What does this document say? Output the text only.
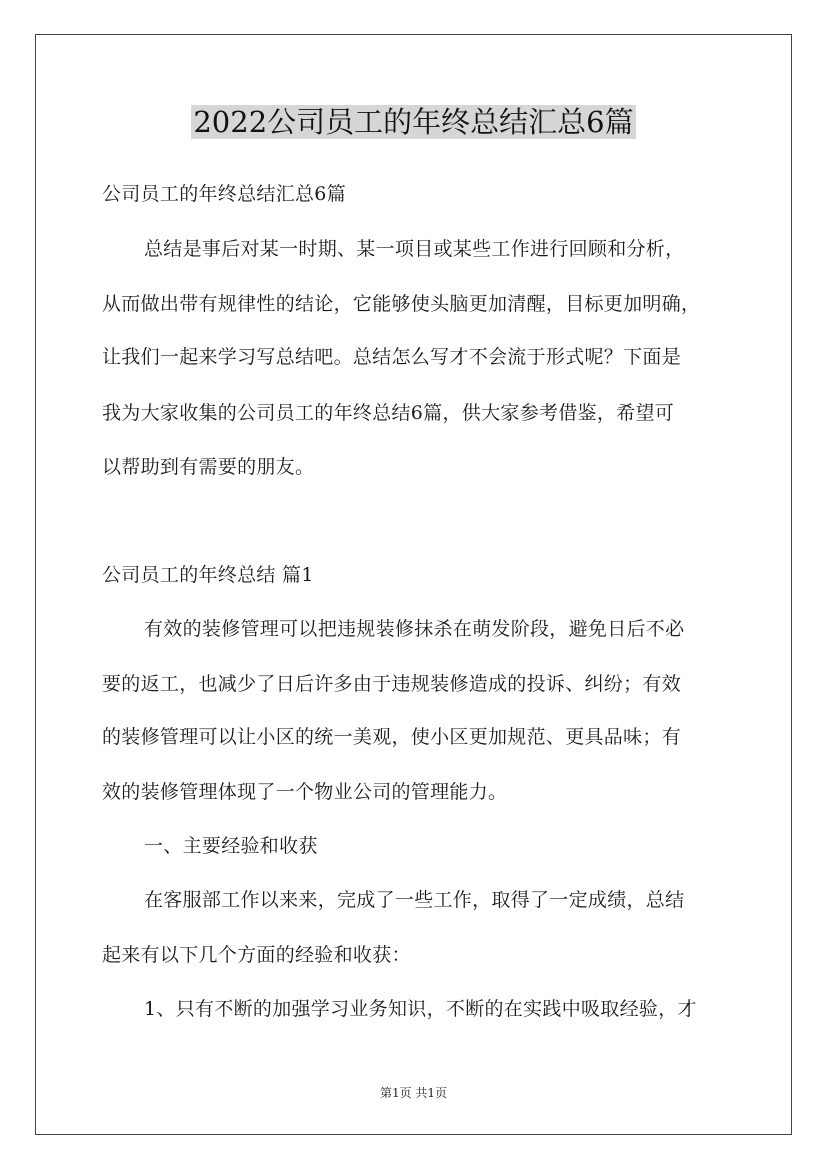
2022公司员工的年终总结汇总6篇
公司员工的年终总结汇总6篇
总结是事后对某一时期、某一项目或某些工作进行回顾和分析，
从而做出带有规律性的结论，它能够使头脑更加清醒，目标更加明确，
让我们一起来学习写总结吧。总结怎么写才不会流于形式呢？下面是
我为大家收集的公司员工的年终总结6篇，供大家参考借鉴，希望可
以帮助到有需要的朋友。
公司员工的年终总结 篇1
有效的装修管理可以把违规装修抹杀在萌发阶段，避免日后不必
要的返工，也减少了日后许多由于违规装修造成的投诉、纠纷；有效
的装修管理可以让小区的统一美观，使小区更加规范、更具品味；有
效的装修管理体现了一个物业公司的管理能力。
一、主要经验和收获
在客服部工作以来来，完成了一些工作，取得了一定成绩，总结
起来有以下几个方面的经验和收获：
1、只有不断的加强学习业务知识，不断的在实践中吸取经验，才
第1页 共1页
